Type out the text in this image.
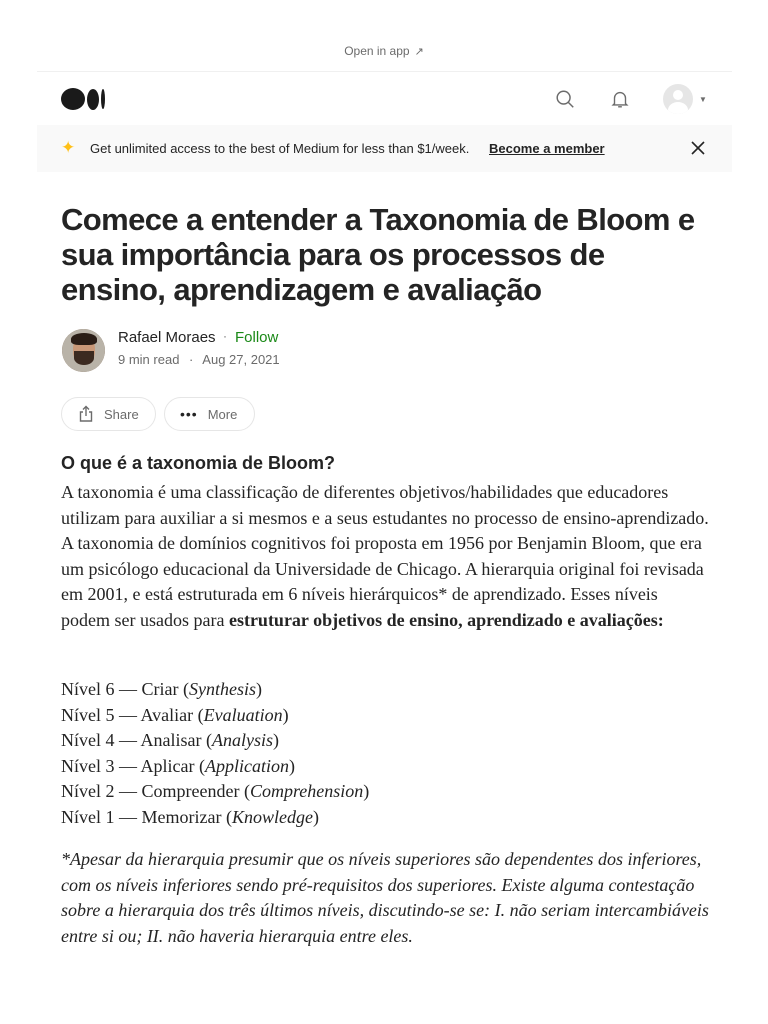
Open in app ↗
▼
✦ Get unlimited access to the best of Medium for less than $1/week. Become a member
Comece a entender a Taxonomia de Bloom e sua importância para os processos de ensino, aprendizagem e avaliação
Rafael Moraes · Follow
9 min read · Aug 27, 2021
Share	••• More
O que é a taxonomia de Bloom?
A taxonomia é uma classificação de diferentes objetivos/habilidades que educadores utilizam para auxiliar a si mesmos e a seus estudantes no processo de ensino-aprendizado. A taxonomia de domínios cognitivos foi proposta em 1956 por Benjamin Bloom, que era um psicólogo educacional da Universidade de Chicago. A hierarquia original foi revisada em 2001, e está estruturada em 6 níveis hierárquicos* de aprendizado. Esses níveis podem ser usados para estruturar objetivos de ensino, aprendizado e avaliações:
Nível 6 — Criar (Synthesis)
Nível 5 — Avaliar (Evaluation)
Nível 4 — Analisar (Analysis)
Nível 3 — Aplicar (Application)
Nível 2 — Compreender (Comprehension)
Nível 1 — Memorizar (Knowledge)
*Apesar da hierarquia presumir que os níveis superiores são dependentes dos inferiores, com os níveis inferiores sendo pré-requisitos dos superiores. Existe alguma contestação sobre a hierarquia dos três últimos níveis, discutindo-se se: I. não seriam intercambiáveis entre si ou; II. não haveria hierarquia entre eles.
